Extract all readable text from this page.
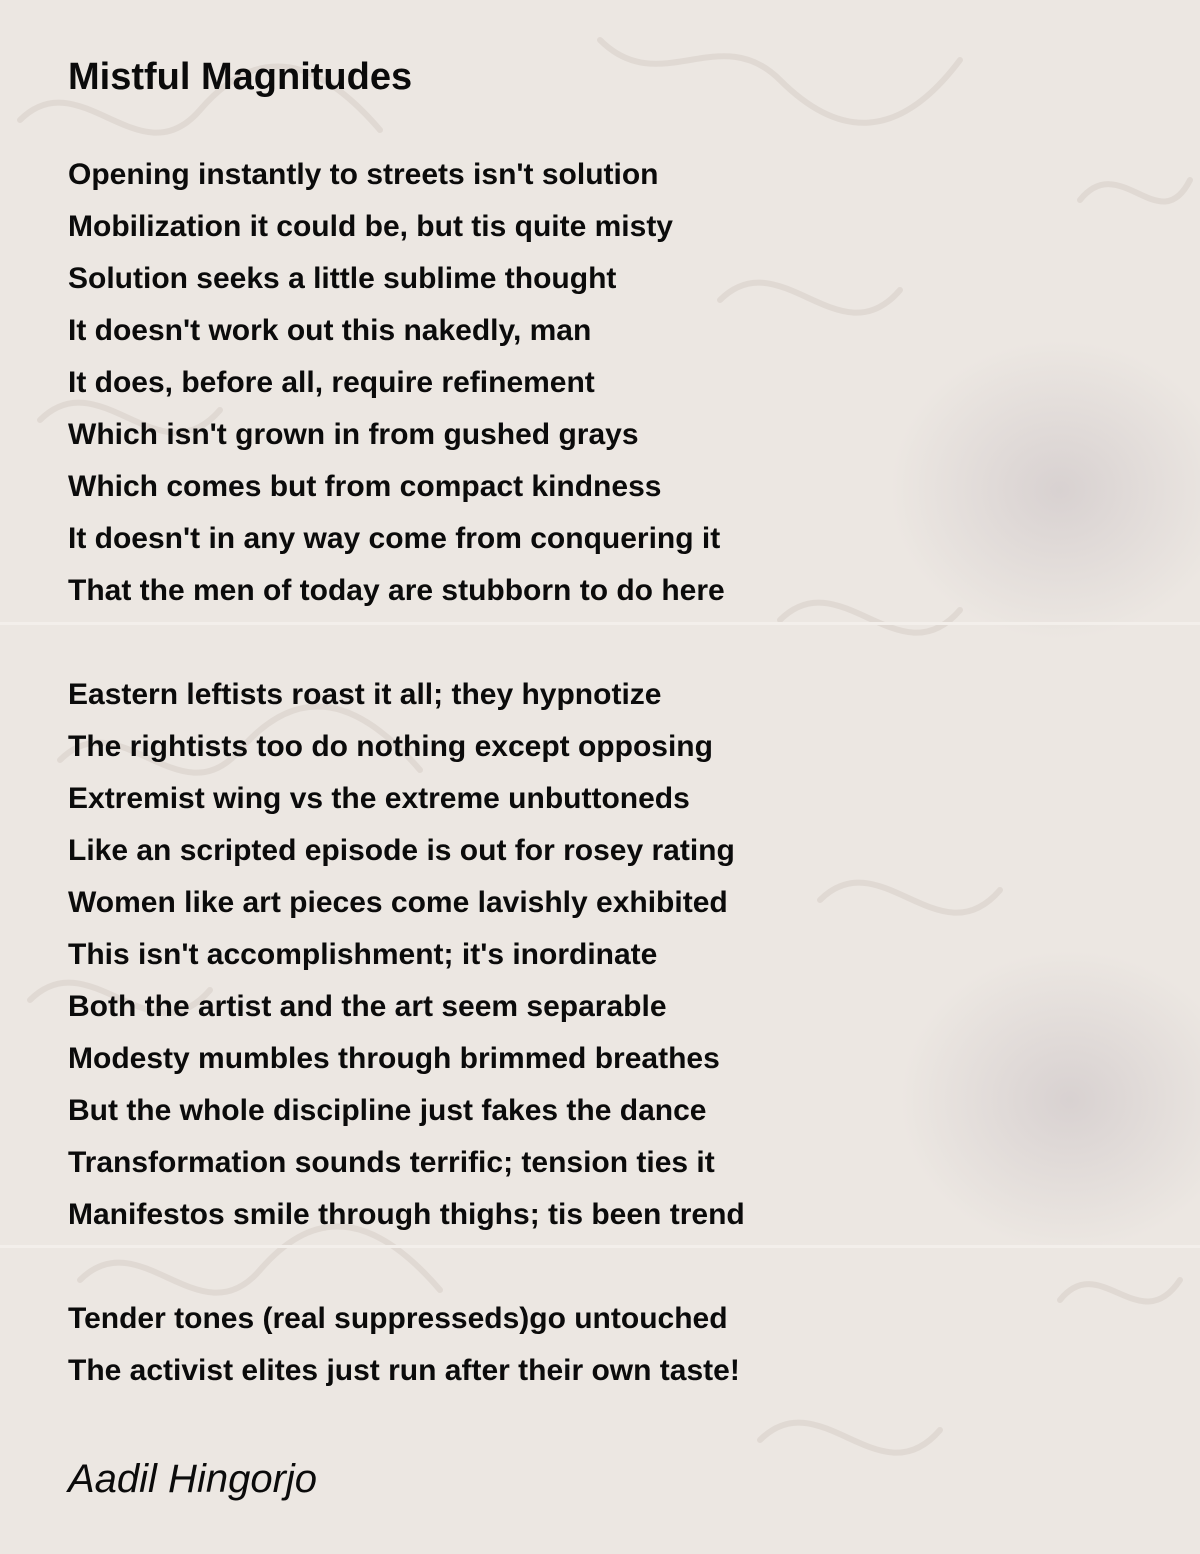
Mistful Magnitudes
Opening instantly to streets isn't solution
Mobilization it could be, but tis quite misty
Solution seeks a little sublime thought
It doesn't work out this nakedly, man
It does, before all, require refinement
Which isn't grown in from gushed grays
Which comes but from compact kindness
It doesn't in any way come from conquering it
That the men of today are stubborn to do here
Eastern leftists roast it all; they hypnotize
The rightists too do nothing except opposing
Extremist wing vs the extreme unbuttoneds
Like an scripted episode is out for rosey rating
Women like art pieces come lavishly exhibited
This isn't accomplishment; it's inordinate
Both the artist and the art seem separable
Modesty mumbles through brimmed breathes
But the whole discipline just fakes the dance
Transformation sounds terrific; tension ties it
Manifestos smile through thighs; tis been trend
Tender tones (real suppresseds)go untouched
The activist elites just run after their own taste!

Aadil Hingorjo
